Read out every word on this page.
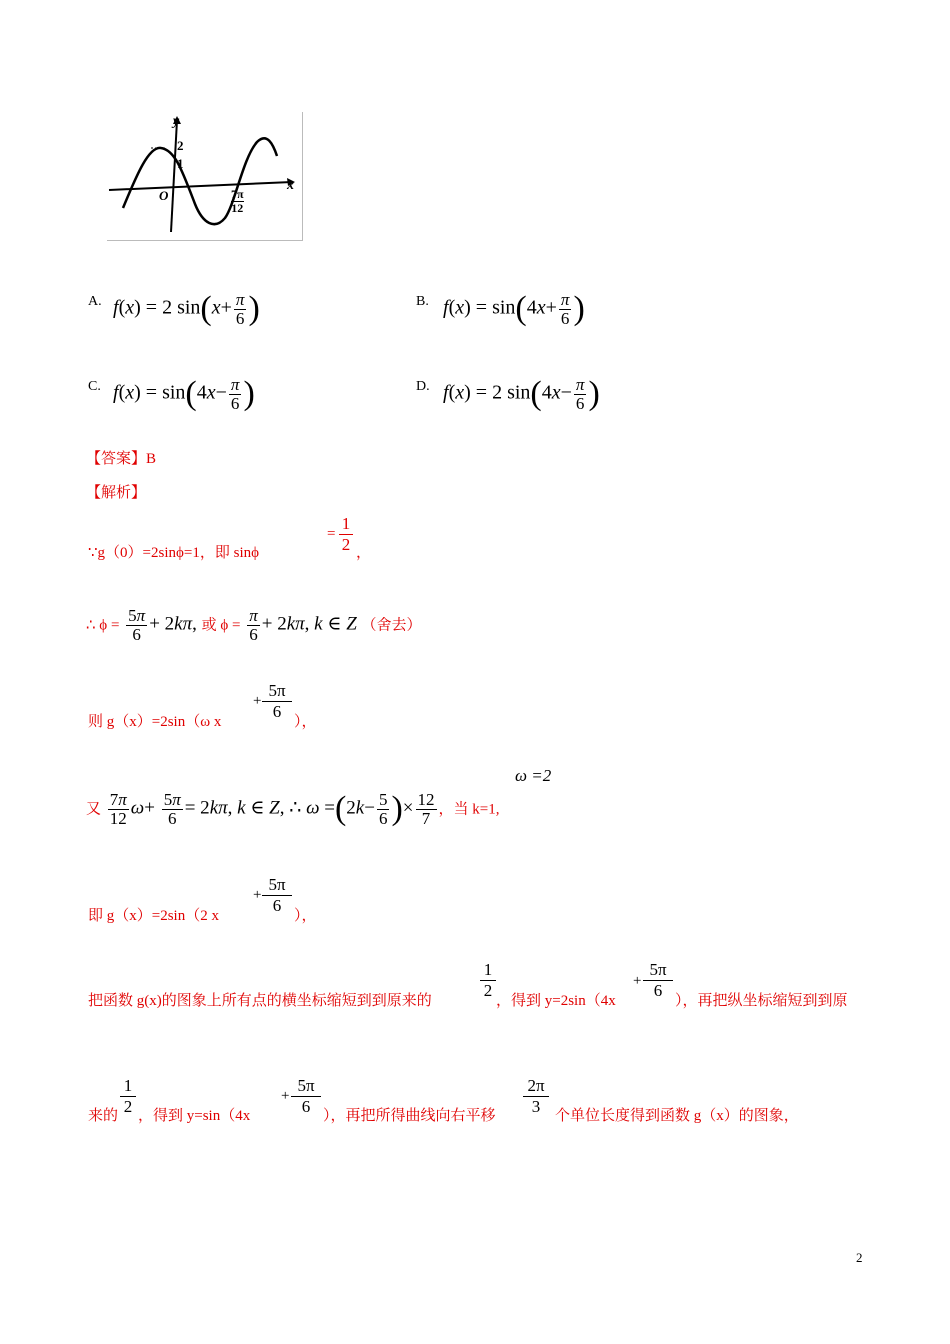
y
x
O
2
1
$\frac{7\pi}{12}$
A. f(x) = 2 $\sin(x+ \frac{\pi}{6}$ )	B. $f(x) = \sin(4x+ \frac{\pi}{6}$ )
C. $f(x) = \sin(4x- \frac{\pi}{6}$ )	D. f(x) = 2 $\sin(4x- \frac{\pi}{6}$ )
【答案】B
【解析】
∵g（0）=2sinϕ=1，即 sinϕ
= $\frac{1}{2}$ ，
∴ $\phi = \frac{5\pi}{6} + 2k\pi$, 或 $\phi = \frac{\pi}{6} + 2k\pi$, k ∈ Z （舍去）
则 g（x）=2sin（ω x
+ $\frac{5\pi}{6}$
），
ω =2
又 $\frac{7\pi}{12} \omega+ \frac{5\pi}{6} = 2k\pi$, k ∈ Z, ∴ $\omega =(2k- \frac{5}{6}$ )× $\frac{12}{7}$ ，当 k=1,
即 g（x）=2sin（2 x
+ $\frac{5\pi}{6}$
），
把函数 g(x)的图象上所有点的横坐标缩短到到原来的
$\frac{1}{2}$
，得到 y=2sin（4x
+ $\frac{5\pi}{6}$
），再把纵坐标缩短到到原
来的 $\frac{1}{2}$ ，得到 y=sin（4x
+ $\frac{5\pi}{6}$ ），再把所得曲线向右平移 $\frac{2\pi}{3}$ 个单位长度得到函数 g（x）的图象，
2
